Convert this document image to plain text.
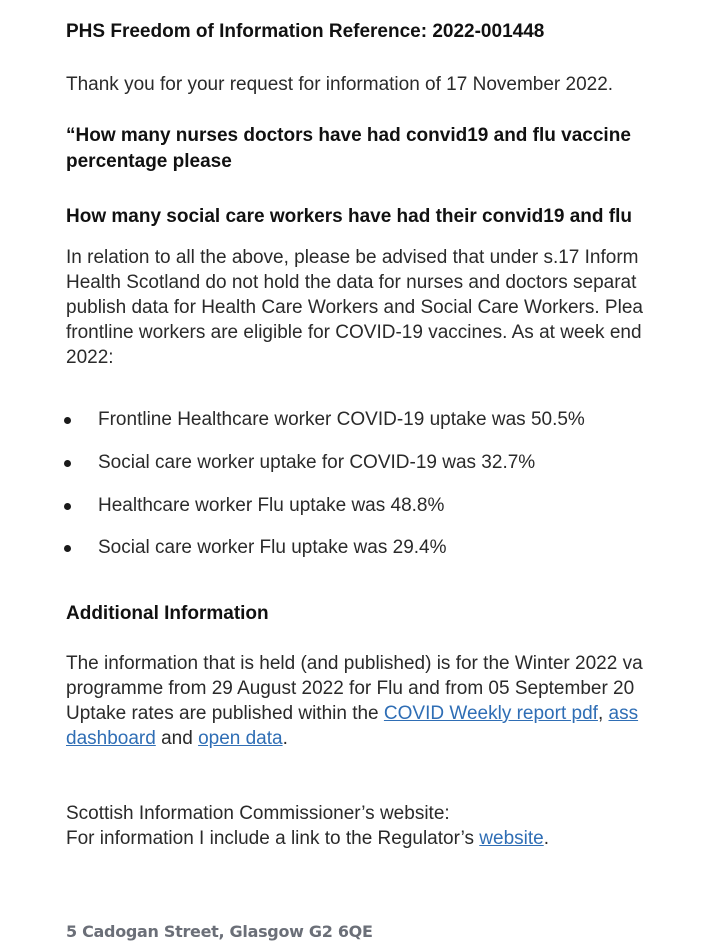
PHS Freedom of Information Reference: 2022-001448
Thank you for your request for information of 17 November 2022.
“How many nurses doctors have had convid19 and flu vaccine
percentage please
How many social care workers have had their convid19 and flu
In relation to all the above, please be advised that under s.17 Inform
Health Scotland do not hold the data for nurses and doctors separat
publish data for Health Care Workers and Social Care Workers. Plea
frontline workers are eligible for COVID-19 vaccines. As at week end
2022:
Frontline Healthcare worker COVID-19 uptake was 50.5%
Social care worker uptake for COVID-19 was 32.7%
Healthcare worker Flu uptake was 48.8%
Social care worker Flu uptake was 29.4%
Additional Information
The information that is held (and published) is for the Winter 2022 va
programme from 29 August 2022 for Flu and from 05 September 20
Uptake rates are published within the COVID Weekly report pdf, ass
dashboard and open data.
Scottish Information Commissioner’s website:
For information I include a link to the Regulator’s website.
5 Cadogan Street, Glasgow G2 6QE
